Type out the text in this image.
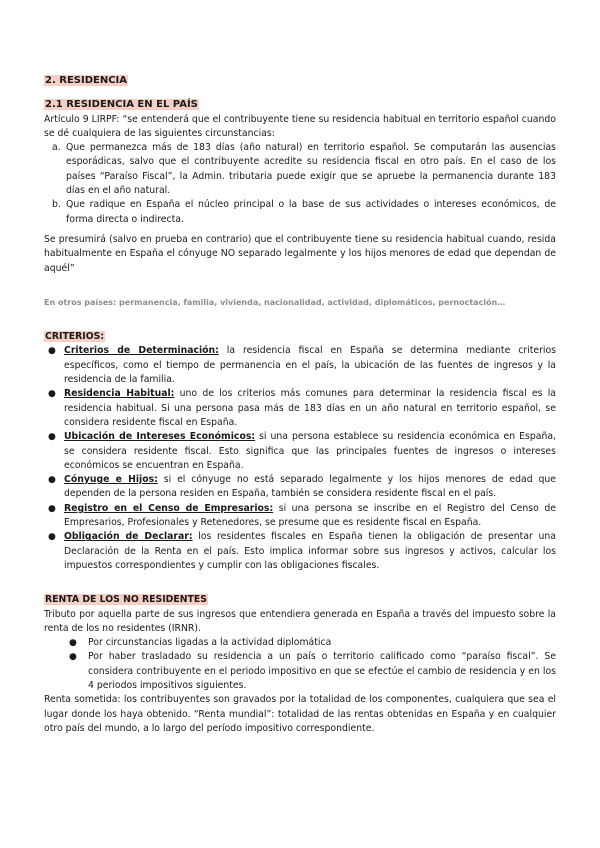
2. RESIDENCIA
2.1 RESIDENCIA EN EL PAÍS

Artículo 9 LIRPF: “se entenderá que el contribuyente tiene su residencia habitual en territorio español cuando se dé cualquiera de las siguientes circunstancias:

a. Que permanezca más de 183 días (año natural) en territorio español. Se computarán las ausencias esporádicas, salvo que el contribuyente acredite su residencia fiscal en otro país. En el caso de los países “Paraíso Fiscal”, la Admin. tributaria puede exigir que se apruebe la permanencia durante 183 días en el año natural.
b. Que radique en España el núcleo principal o la base de sus actividades o intereses económicos, de forma directa o indirecta.

Se presumirá (salvo en prueba en contrario) que el contribuyente tiene su residencia habitual cuando, resida habitualmente en España el cónyuge NO separado legalmente y los hijos menores de edad que dependan de aquél”

En otros países: permanencia, familia, vivienda, nacionalidad, actividad, diplomáticos, pernoctación…

CRITERIOS:
● Criterios de Determinación: la residencia fiscal en España se determina mediante criterios específicos, como el tiempo de permanencia en el país, la ubicación de las fuentes de ingresos y la residencia de la familia.
● Residencia Habitual: uno de los criterios más comunes para determinar la residencia fiscal es la residencia habitual. Si una persona pasa más de 183 días en un año natural en territorio español, se considera residente fiscal en España.
● Ubicación de Intereses Económicos: si una persona establece su residencia económica en España, se considera residente fiscal. Esto significa que las principales fuentes de ingresos o intereses económicos se encuentran en España.
● Cónyuge e Hijos: si el cónyuge no está separado legalmente y los hijos menores de edad que dependen de la persona residen en España, también se considera residente fiscal en el país.
● Registro en el Censo de Empresarios: si una persona se inscribe en el Registro del Censo de Empresarios, Profesionales y Retenedores, se presume que es residente fiscal en España.
● Obligación de Declarar: los residentes fiscales en España tienen la obligación de presentar una Declaración de la Renta en el país. Esto implica informar sobre sus ingresos y activos, calcular los impuestos correspondientes y cumplir con las obligaciones fiscales.
RENTA DE LOS NO RESIDENTES

Tributo por aquella parte de sus ingresos que entendiera generada en España a través del impuesto sobre la renta de los no residentes (IRNR).

● Por circunstancias ligadas a la actividad diplomática
● Por haber trasladado su residencia a un país o territorio calificado como “paraíso fiscal”. Se considera contribuyente en el periodo impositivo en que se efectúe el cambio de residencia y en los 4 periodos impositivos siguientes.

Renta sometida: los contribuyentes son gravados por la totalidad de los componentes, cualquiera que sea el lugar donde los haya obtenido. “Renta mundial”: totalidad de las rentas obtenidas en España y en cualquier otro país del mundo, a lo largo del período impositivo correspondiente.
